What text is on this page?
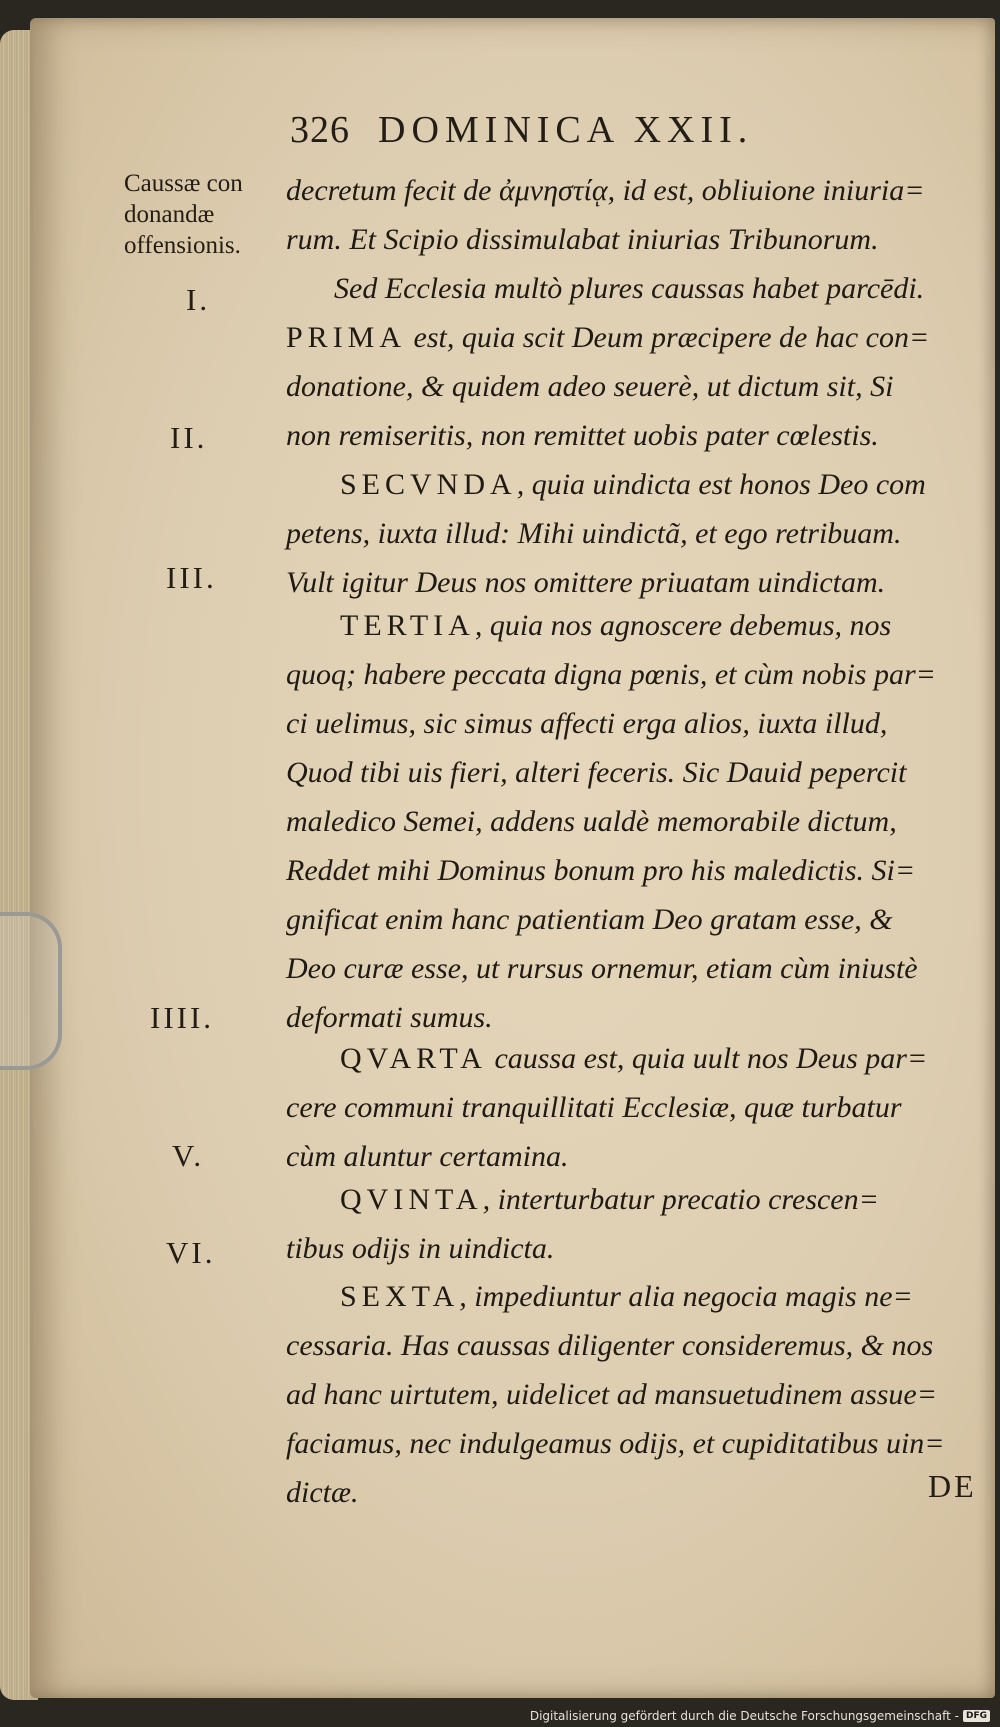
326 DOMINICA XXII.
Caussæ con
donandæ
offensionis.
I.
II.
III.
IIII.
V.
VI.
decretum fecit de ἀμνηστίᾳ, id est, obliuione iniuria=
rum. Et Scipio dissimulabat iniurias Tribunorum.
Sed Ecclesia multò plures caussas habet parcēdi.
PRIMA est, quia scit Deum præcipere de hac con=
donatione, & quidem adeo seuerè, ut dictum sit, Si
non remiseritis, non remittet uobis pater cœlestis.
SECVNDA, quia uindicta est honos Deo com
petens, iuxta illud: Mihi uindictã, et ego retribuam.
Vult igitur Deus nos omittere priuatam uindictam.
TERTIA, quia nos agnoscere debemus, nos
quoq; habere peccata digna pœnis, et cùm nobis par=
ci uelimus, sic simus affecti erga alios, iuxta illud,
Quod tibi uis fieri, alteri feceris. Sic Dauid pepercit
maledico Semei, addens ualdè memorabile dictum,
Reddet mihi Dominus bonum pro his maledictis. Si=
gnificat enim hanc patientiam Deo gratam esse, &
Deo curæ esse, ut rursus ornemur, etiam cùm iniustè
deformati sumus.
QVARTA caussa est, quia uult nos Deus par=
cere communi tranquillitati Ecclesiæ, quæ turbatur
cùm aluntur certamina.
QVINTA, interturbatur precatio crescen=
tibus odijs in uindicta.
SEXTA, impediuntur alia negocia magis ne=
cessaria. Has caussas diligenter consideremus, & nos
ad hanc uirtutem, uidelicet ad mansuetudinem assue=
faciamus, nec indulgeamus odijs, et cupiditatibus uin=
dictæ.	DE
Digitalisierung gefördert durch die Deutsche Forschungsgemeinschaft - DFG
